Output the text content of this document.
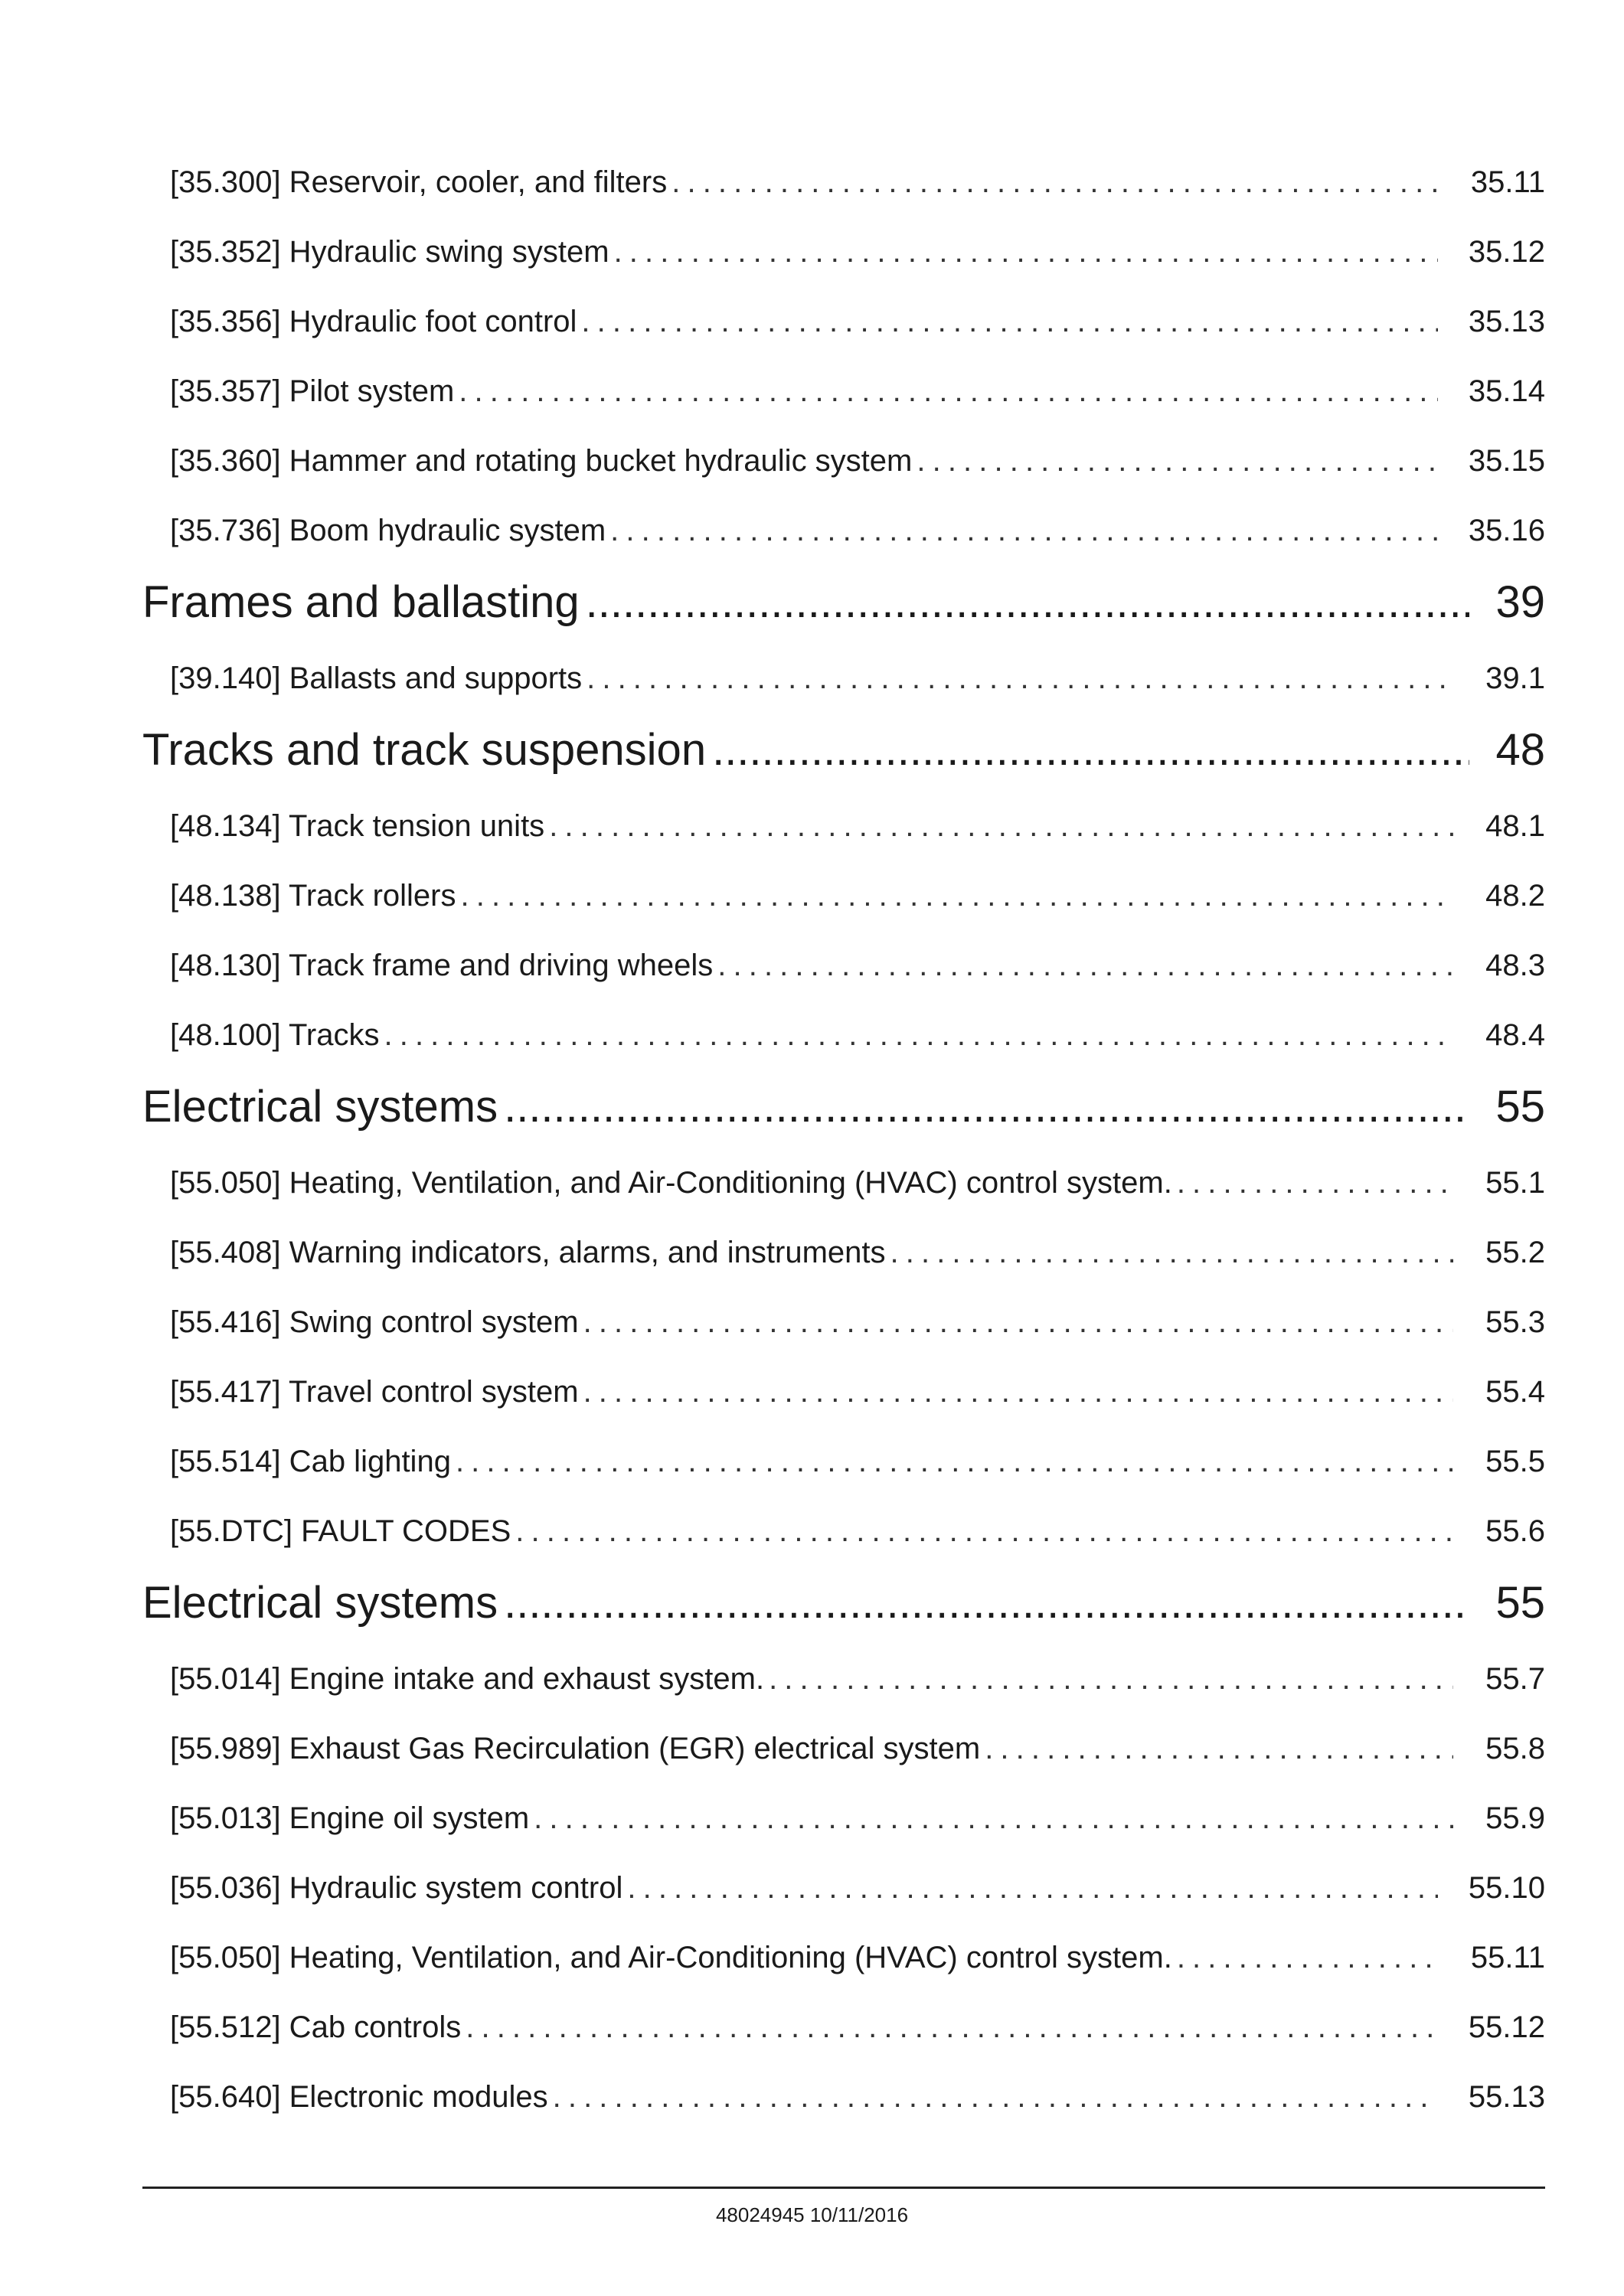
[35.300] Reservoir, cooler, and filters . . .	35.11
[35.352] Hydraulic swing system . . .	35.12
[35.356] Hydraulic foot control . . .	35.13
[35.357] Pilot system . . .	35.14
[35.360] Hammer and rotating bucket hydraulic system . . .	35.15
[35.736] Boom hydraulic system . . .	35.16
Frames and ballasting .....	39
[39.140] Ballasts and supports . . .	39.1
Tracks and track suspension .....	48
[48.134] Track tension units . . .	48.1
[48.138] Track rollers . . .	48.2
[48.130] Track frame and driving wheels . . .	48.3
[48.100] Tracks . . .	48.4
Electrical systems .....	55
[55.050] Heating, Ventilation, and Air-Conditioning (HVAC) control system. . . .	55.1
[55.408] Warning indicators, alarms, and instruments . . .	55.2
[55.416] Swing control system . . .	55.3
[55.417] Travel control system . . .	55.4
[55.514] Cab lighting . . .	55.5
[55.DTC] FAULT CODES . . .	55.6
Electrical systems .....	55
[55.014] Engine intake and exhaust system. . . .	55.7
[55.989] Exhaust Gas Recirculation (EGR) electrical system . . .	55.8
[55.013] Engine oil system . . .	55.9
[55.036] Hydraulic system control . . .	55.10
[55.050] Heating, Ventilation, and Air-Conditioning (HVAC) control system. . . .	55.11
[55.512] Cab controls . . .	55.12
[55.640] Electronic modules . . .	55.13
48024945 10/11/2016
